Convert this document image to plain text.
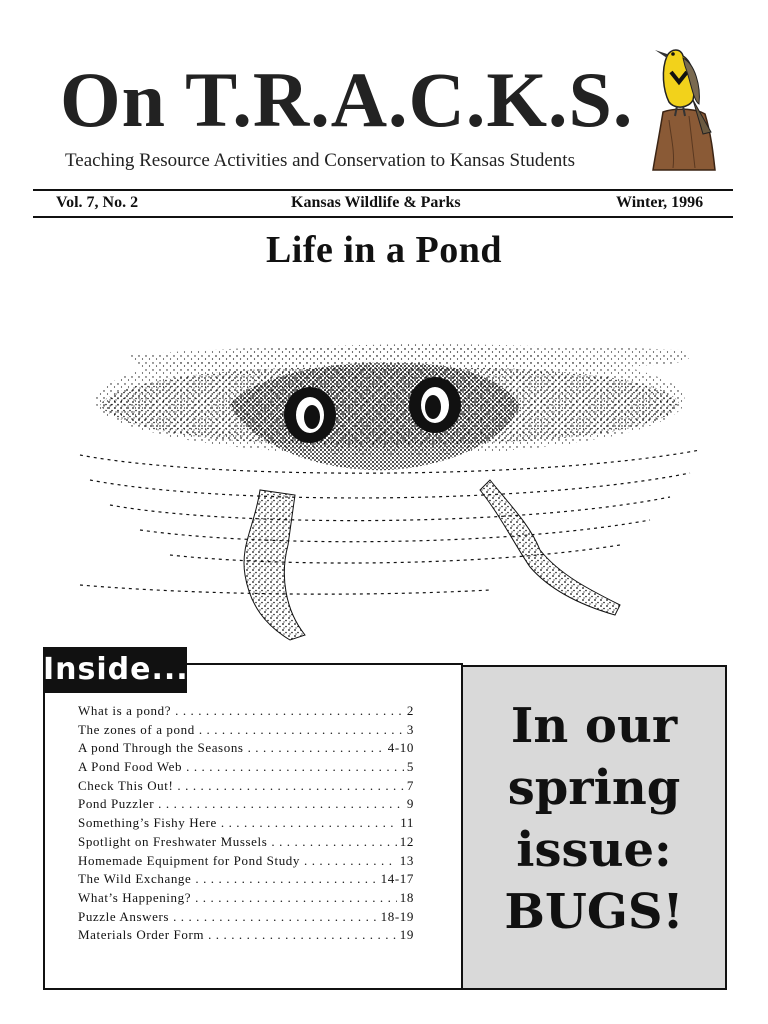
On T.R.A.C.K.S.
Teaching Resource Activities and Conservation to Kansas Students
Vol. 7, No. 2	Kansas Wildlife & Parks	Winter, 1996
Life in a Pond
Inside...
What is a pond? . . .	2
The zones of a pond . . .	3
A pond Through the Seasons . . .	4-10
A Pond Food Web . . .	5
Check This Out! . . .	7
Pond Puzzler . . .	9
Something’s Fishy Here . . .	11
Spotlight on Freshwater Mussels . . .	12
Homemade Equipment for Pond Study . . .	13
The Wild Exchange . . .	14-17
What’s Happening? . . .	18
Puzzle Answers . . .	18-19
Materials Order Form . . .	19
In our
spring
issue:
BUGS!
